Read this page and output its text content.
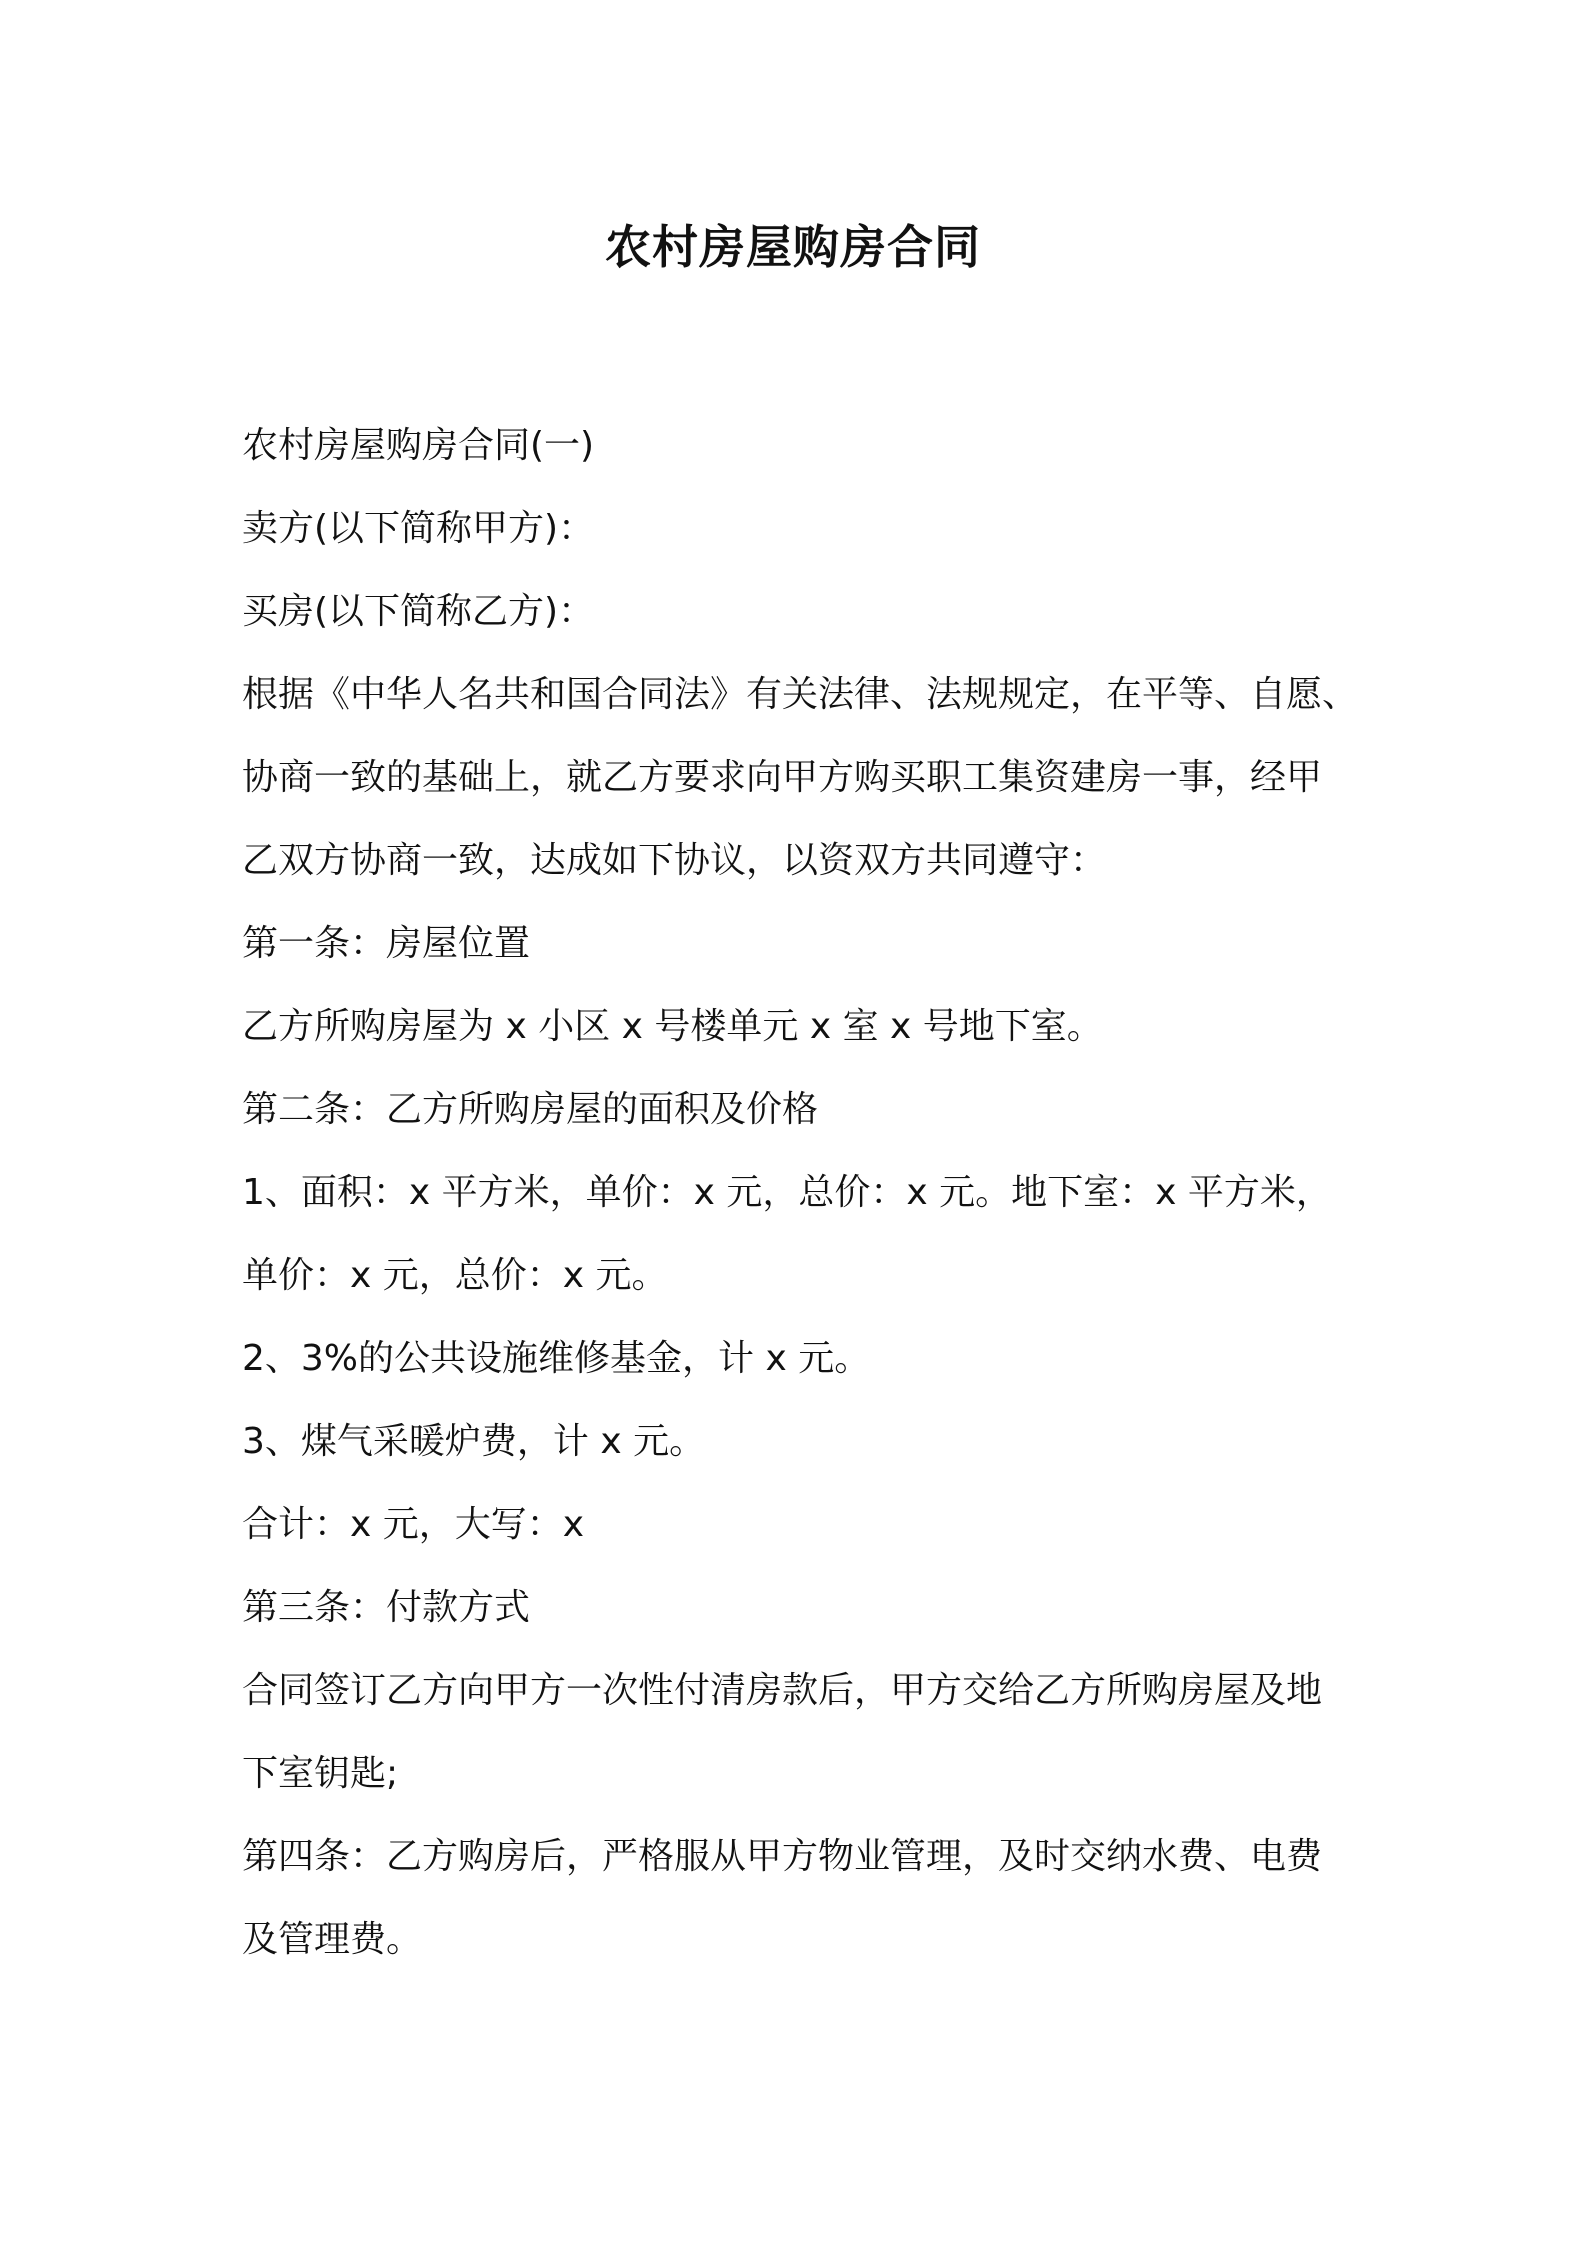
农村房屋购房合同

农村房屋购房合同(一)

卖方(以下简称甲方)：

买房(以下简称乙方)：

根据《中华人名共和国合同法》有关法律、法规规定，在平等、自愿、

协商一致的基础上，就乙方要求向甲方购买职工集资建房一事，经甲

乙双方协商一致，达成如下协议，以资双方共同遵守：

第一条：房屋位置

乙方所购房屋为 x 小区 x 号楼单元 x 室 x 号地下室。

第二条：乙方所购房屋的面积及价格

1、面积：x 平方米，单价：x 元，总价：x 元。地下室：x 平方米，

单价：x 元，总价：x 元。

2、3%的公共设施维修基金，计 x 元。

3、煤气采暖炉费，计 x 元。

合计：x 元，大写：x

第三条：付款方式

合同签订乙方向甲方一次性付清房款后，甲方交给乙方所购房屋及地

下室钥匙;

第四条：乙方购房后，严格服从甲方物业管理，及时交纳水费、电费

及管理费。
